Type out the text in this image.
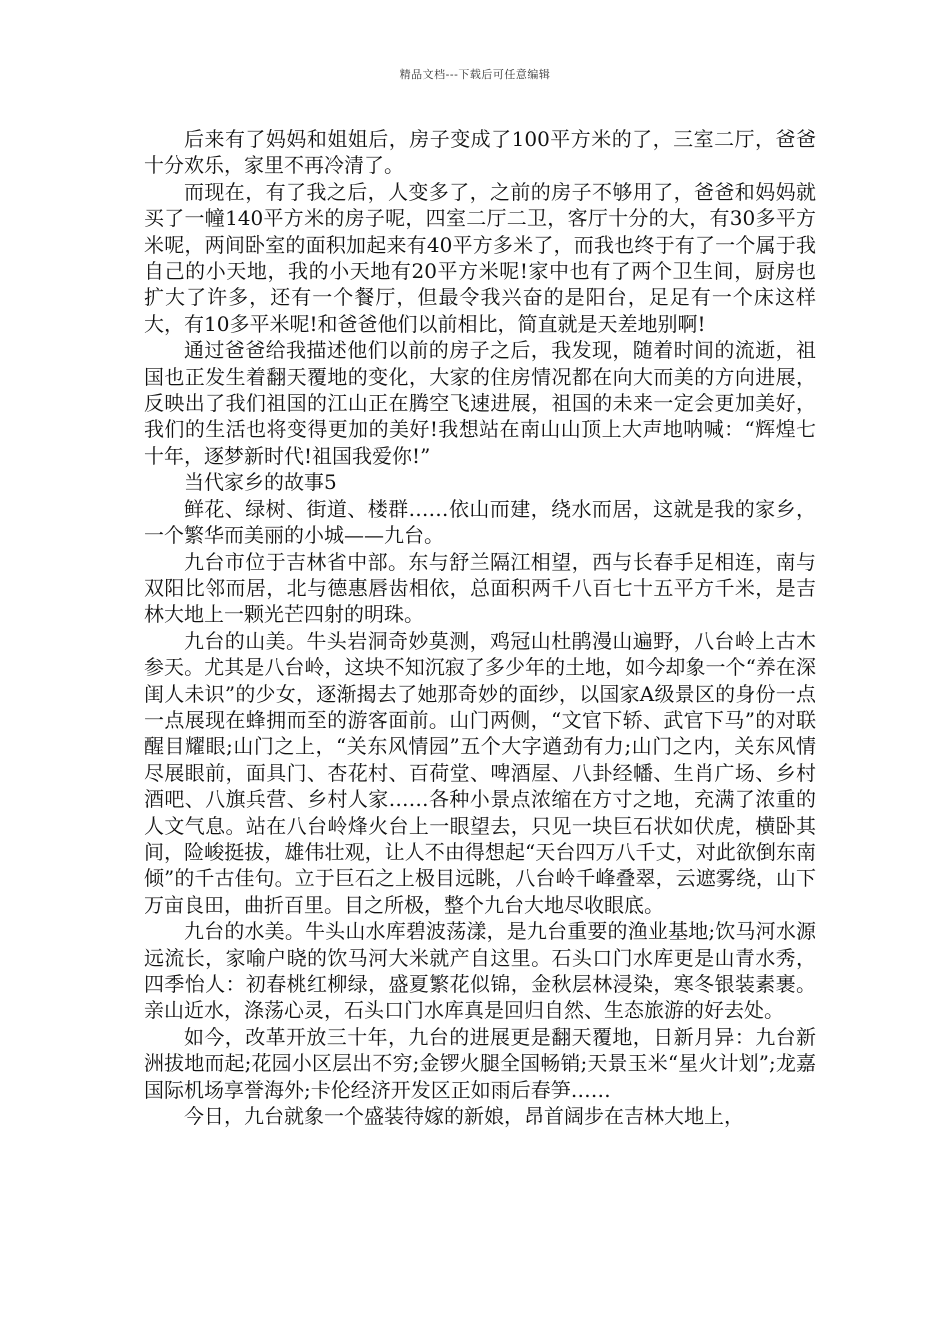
精品文档---下载后可任意编辑

后来有了妈妈和姐姐后，房子变成了100平方米的了，三室二厅，爸爸十分欢乐，家里不再冷清了。

而现在，有了我之后，人变多了，之前的房子不够用了，爸爸和妈妈就买了一幢140平方米的房子呢，四室二厅二卫，客厅十分的大，有30多平方米呢，两间卧室的面积加起来有40平方多米了，而我也终于有了一个属于我自己的小天地，我的小天地有20平方米呢!家中也有了两个卫生间，厨房也扩大了许多，还有一个餐厅，但最令我兴奋的是阳台，足足有一个床这样大，有10多平米呢!和爸爸他们以前相比，简直就是天差地别啊!

通过爸爸给我描述他们以前的房子之后，我发现，随着时间的流逝，祖国也正发生着翻天覆地的变化，大家的住房情况都在向大而美的方向进展，反映出了我们祖国的江山正在腾空飞速进展，祖国的未来一定会更加美好，我们的生活也将变得更加的美好!我想站在南山山顶上大声地呐喊：“辉煌七十年，逐梦新时代!祖国我爱你!”

当代家乡的故事5

鲜花、绿树、街道、楼群……依山而建，绕水而居，这就是我的家乡，一个繁华而美丽的小城——九台。

九台市位于吉林省中部。东与舒兰隔江相望，西与长春手足相连，南与双阳比邻而居，北与德惠唇齿相依，总面积两千八百七十五平方千米，是吉林大地上一颗光芒四射的明珠。

九台的山美。牛头岩洞奇妙莫测，鸡冠山杜鹃漫山遍野，八台岭上古木参天。尤其是八台岭，这块不知沉寂了多少年的土地，如今却象一个“养在深闺人未识”的少女，逐渐揭去了她那奇妙的面纱，以国家A级景区的身份一点一点展现在蜂拥而至的游客面前。山门两侧，“文官下轿、武官下马”的对联醒目耀眼;山门之上，“关东风情园”五个大字遒劲有力;山门之内，关东风情尽展眼前，面具门、杏花村、百荷堂、啤酒屋、八卦经幡、生肖广场、乡村酒吧、八旗兵营、乡村人家……各种小景点浓缩在方寸之地，充满了浓重的人文气息。站在八台岭烽火台上一眼望去，只见一块巨石状如伏虎，横卧其间，险峻挺拔，雄伟壮观，让人不由得想起“天台四万八千丈，对此欲倒东南倾”的千古佳句。立于巨石之上极目远眺，八台岭千峰叠翠，云遮雾绕，山下万亩良田，曲折百里。目之所极，整个九台大地尽收眼底。

九台的水美。牛头山水库碧波荡漾，是九台重要的渔业基地;饮马河水源远流长，家喻户晓的饮马河大米就产自这里。石头口门水库更是山青水秀，四季怡人：初春桃红柳绿，盛夏繁花似锦，金秋层林浸染，寒冬银装素裹。亲山近水，涤荡心灵，石头口门水库真是回归自然、生态旅游的好去处。

如今，改革开放三十年，九台的进展更是翻天覆地，日新月异：九台新洲拔地而起;花园小区层出不穷;金锣火腿全国畅销;天景玉米“星火计划”;龙嘉国际机场享誉海外;卡伦经济开发区正如雨后春笋……

今日，九台就象一个盛装待嫁的新娘，昂首阔步在吉林大地上，
